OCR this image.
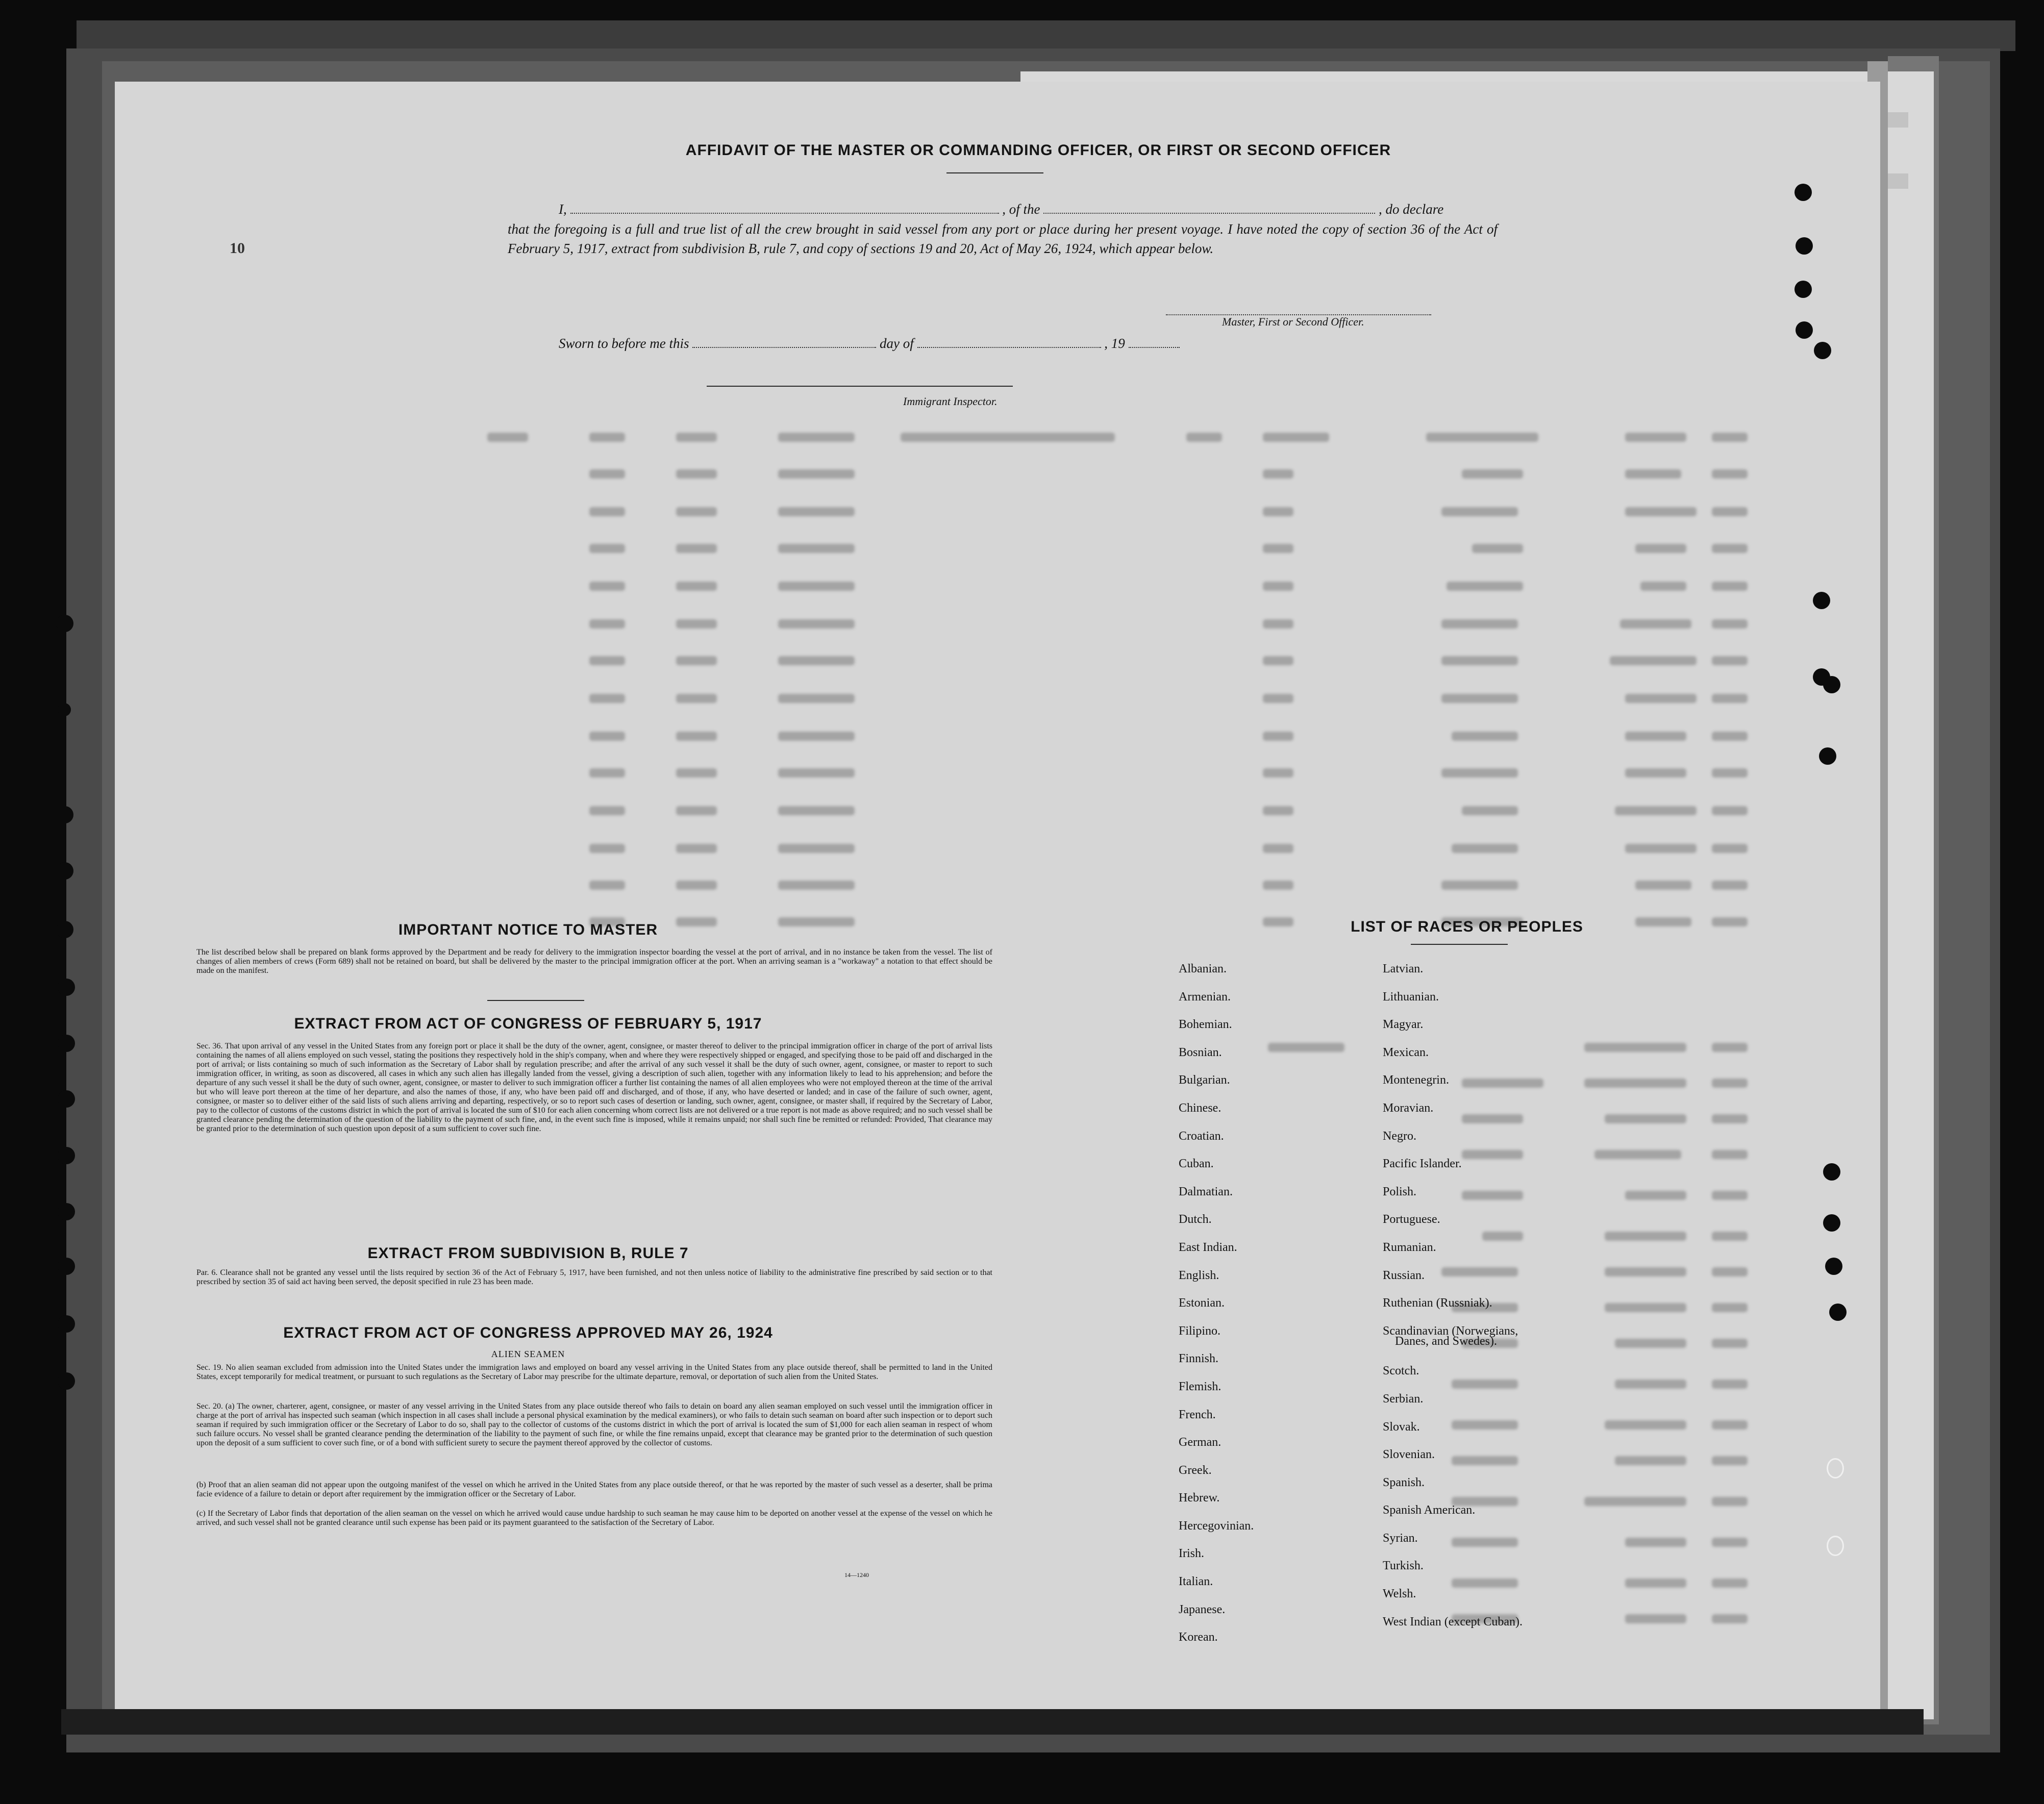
AFFIDAVIT OF THE MASTER OR COMMANDING OFFICER, OR FIRST OR SECOND OFFICER
I,	, of the	, do declare
that the foregoing is a full and true list of all the crew brought in said vessel from any port or place during her present voyage. I have noted the copy of section 36 of the Act of February 5, 1917, extract from subdivision B, rule 7, and copy of sections 19 and 20, Act of May 26, 1924, which appear below.
10
Master, First or Second Officer.
Sworn to before me this	day of	, 19
Immigrant Inspector.
IMPORTANT NOTICE TO MASTER
The list described below shall be prepared on blank forms approved by the Department and be ready for delivery to the immigration inspector boarding the vessel at the port of arrival, and in no instance be taken from the vessel. The list of changes of alien members of crews (Form 689) shall not be retained on board, but shall be delivered by the master to the principal immigration officer at the port. When an arriving seaman is a "workaway" a notation to that effect should be made on the manifest.
EXTRACT FROM ACT OF CONGRESS OF FEBRUARY 5, 1917
Sec. 36. That upon arrival of any vessel in the United States from any foreign port or place it shall be the duty of the owner, agent, consignee, or master thereof to deliver to the principal immigration officer in charge of the port of arrival lists containing the names of all aliens employed on such vessel, stating the positions they respectively hold in the ship's company, when and where they were respectively shipped or engaged, and specifying those to be paid off and discharged in the port of arrival; or lists containing so much of such information as the Secretary of Labor shall by regulation prescribe; and after the arrival of any such vessel it shall be the duty of such owner, agent, consignee, or master to report to such immigration officer, in writing, as soon as discovered, all cases in which any such alien has illegally landed from the vessel, giving a description of such alien, together with any information likely to lead to his apprehension; and before the departure of any such vessel it shall be the duty of such owner, agent, consignee, or master to deliver to such immigration officer a further list containing the names of all alien employees who were not employed thereon at the time of the arrival but who will leave port thereon at the time of her departure, and also the names of those, if any, who have been paid off and discharged, and of those, if any, who have deserted or landed; and in case of the failure of such owner, agent, consignee, or master so to deliver either of the said lists of such aliens arriving and departing, respectively, or so to report such cases of desertion or landing, such owner, agent, consignee, or master shall, if required by the Secretary of Labor, pay to the collector of customs of the customs district in which the port of arrival is located the sum of $10 for each alien concerning whom correct lists are not delivered or a true report is not made as above required; and no such vessel shall be granted clearance pending the determination of the question of the liability to the payment of such fine, and, in the event such fine is imposed, while it remains unpaid; nor shall such fine be remitted or refunded: Provided, That clearance may be granted prior to the determination of such question upon deposit of a sum sufficient to cover such fine.
EXTRACT FROM SUBDIVISION B, RULE 7
Par. 6. Clearance shall not be granted any vessel until the lists required by section 36 of the Act of February 5, 1917, have been furnished, and not then unless notice of liability to the administrative fine prescribed by said section or to that prescribed by section 35 of said act having been served, the deposit specified in rule 23 has been made.
EXTRACT FROM ACT OF CONGRESS APPROVED MAY 26, 1924
ALIEN SEAMEN
Sec. 19. No alien seaman excluded from admission into the United States under the immigration laws and employed on board any vessel arriving in the United States from any place outside thereof, shall be permitted to land in the United States, except temporarily for medical treatment, or pursuant to such regulations as the Secretary of Labor may prescribe for the ultimate departure, removal, or deportation of such alien from the United States.
Sec. 20. (a) The owner, charterer, agent, consignee, or master of any vessel arriving in the United States from any place outside thereof who fails to detain on board any alien seaman employed on such vessel until the immigration officer in charge at the port of arrival has inspected such seaman (which inspection in all cases shall include a personal physical examination by the medical examiners), or who fails to detain such seaman on board after such inspection or to deport such seaman if required by such immigration officer or the Secretary of Labor to do so, shall pay to the collector of customs of the customs district in which the port of arrival is located the sum of $1,000 for each alien seaman in respect of whom such failure occurs. No vessel shall be granted clearance pending the determination of the liability to the payment of such fine, or while the fine remains unpaid, except that clearance may be granted prior to the determination of such question upon the deposit of a sum sufficient to cover such fine, or of a bond with sufficient surety to secure the payment thereof approved by the collector of customs.
(b) Proof that an alien seaman did not appear upon the outgoing manifest of the vessel on which he arrived in the United States from any place outside thereof, or that he was reported by the master of such vessel as a deserter, shall be prima facie evidence of a failure to detain or deport after requirement by the immigration officer or the Secretary of Labor.
(c) If the Secretary of Labor finds that deportation of the alien seaman on the vessel on which he arrived would cause undue hardship to such seaman he may cause him to be deported on another vessel at the expense of the vessel on which he arrived, and such vessel shall not be granted clearance until such expense has been paid or its payment guaranteed to the satisfaction of the Secretary of Labor.
14—1240
LIST OF RACES OR PEOPLES
Albanian.
Armenian.
Bohemian.
Bosnian.
Bulgarian.
Chinese.
Croatian.
Cuban.
Dalmatian.
Dutch.
East Indian.
English.
Estonian.
Filipino.
Finnish.
Flemish.
French.
German.
Greek.
Hebrew.
Hercegovinian.
Irish.
Italian.
Japanese.
Korean.
Latvian.
Lithuanian.
Magyar.
Mexican.
Montenegrin.
Moravian.
Negro.
Pacific Islander.
Polish.
Portuguese.
Rumanian.
Russian.
Ruthenian (Russniak).
Scandinavian (Norwegians,
Danes, and Swedes).
Scotch.
Serbian.
Slovak.
Slovenian.
Spanish.
Spanish American.
Syrian.
Turkish.
Welsh.
West Indian (except Cuban).
